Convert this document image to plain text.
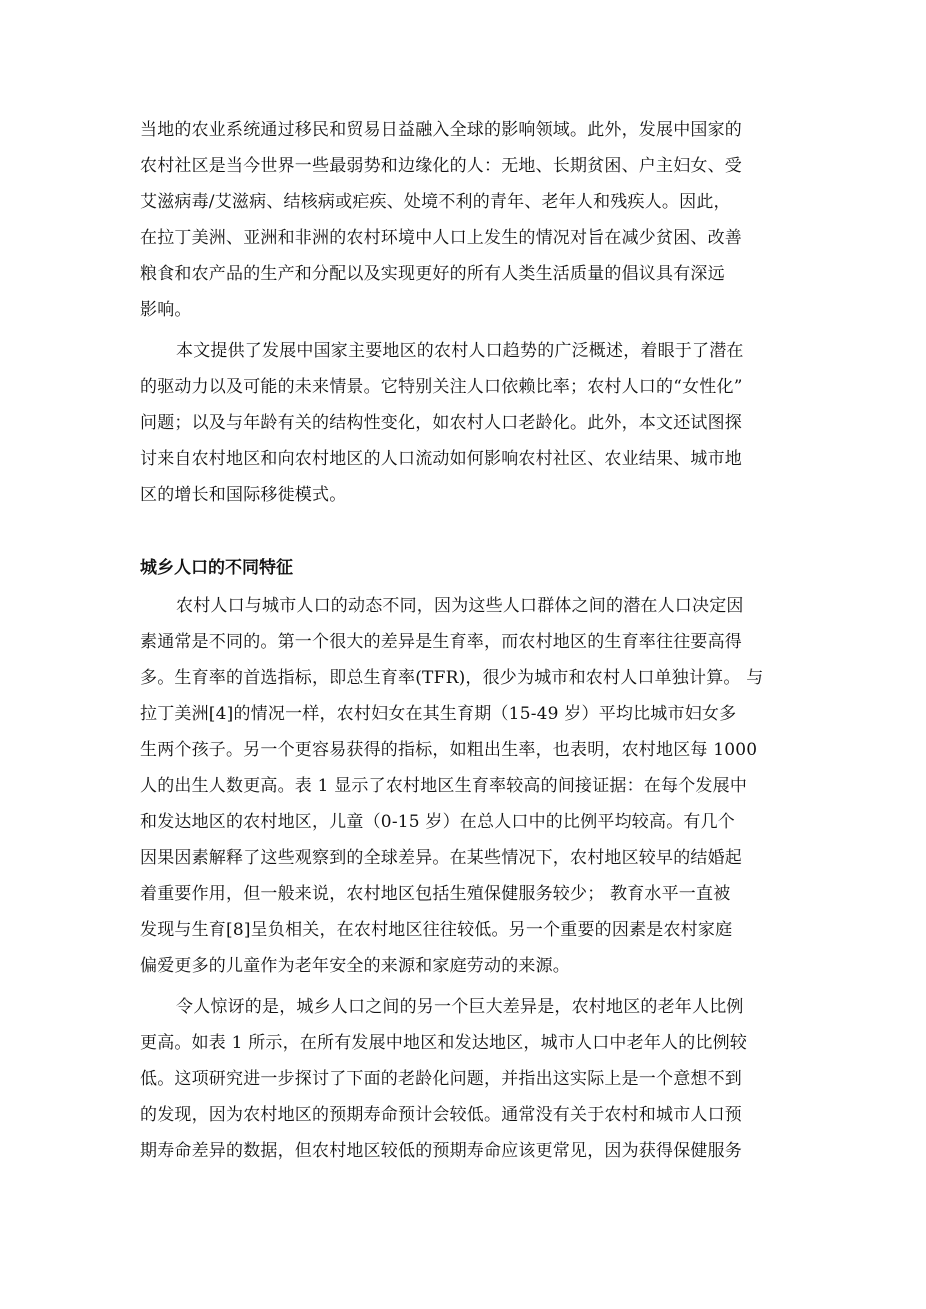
当地的农业系统通过移民和贸易日益融入全球的影响领域。此外，发展中国家的
农村社区是当今世界一些最弱势和边缘化的人：无地、长期贫困、户主妇女、受
艾滋病毒/艾滋病、结核病或疟疾、处境不利的青年、老年人和残疾人。因此，
在拉丁美洲、亚洲和非洲的农村环境中人口上发生的情况对旨在减少贫困、改善
粮食和农产品的生产和分配以及实现更好的所有人类生活质量的倡议具有深远
影响。
本文提供了发展中国家主要地区的农村人口趋势的广泛概述，着眼于了潜在
的驱动力以及可能的未来情景。它特别关注人口依赖比率；农村人口的“女性化”
问题；以及与年龄有关的结构性变化，如农村人口老龄化。此外，本文还试图探
讨来自农村地区和向农村地区的人口流动如何影响农村社区、农业结果、城市地
区的增长和国际移徙模式。
城乡人口的不同特征
农村人口与城市人口的动态不同，因为这些人口群体之间的潜在人口决定因
素通常是不同的。第一个很大的差异是生育率，而农村地区的生育率往往要高得
多。生育率的首选指标，即总生育率(TFR)，很少为城市和农村人口单独计算。 与
拉丁美洲[4]的情况一样，农村妇女在其生育期（15-49 岁）平均比城市妇女多
生两个孩子。另一个更容易获得的指标，如粗出生率，也表明，农村地区每 1000
人的出生人数更高。表 1 显示了农村地区生育率较高的间接证据：在每个发展中
和发达地区的农村地区，儿童（0-15 岁）在总人口中的比例平均较高。有几个
因果因素解释了这些观察到的全球差异。在某些情况下，农村地区较早的结婚起
着重要作用，但一般来说，农村地区包括生殖保健服务较少； 教育水平一直被
发现与生育[8]呈负相关，在农村地区往往较低。另一个重要的因素是农村家庭
偏爱更多的儿童作为老年安全的来源和家庭劳动的来源。
令人惊讶的是，城乡人口之间的另一个巨大差异是，农村地区的老年人比例
更高。如表 1 所示，在所有发展中地区和发达地区，城市人口中老年人的比例较
低。这项研究进一步探讨了下面的老龄化问题，并指出这实际上是一个意想不到
的发现，因为农村地区的预期寿命预计会较低。通常没有关于农村和城市人口预
期寿命差异的数据，但农村地区较低的预期寿命应该更常见，因为获得保健服务
